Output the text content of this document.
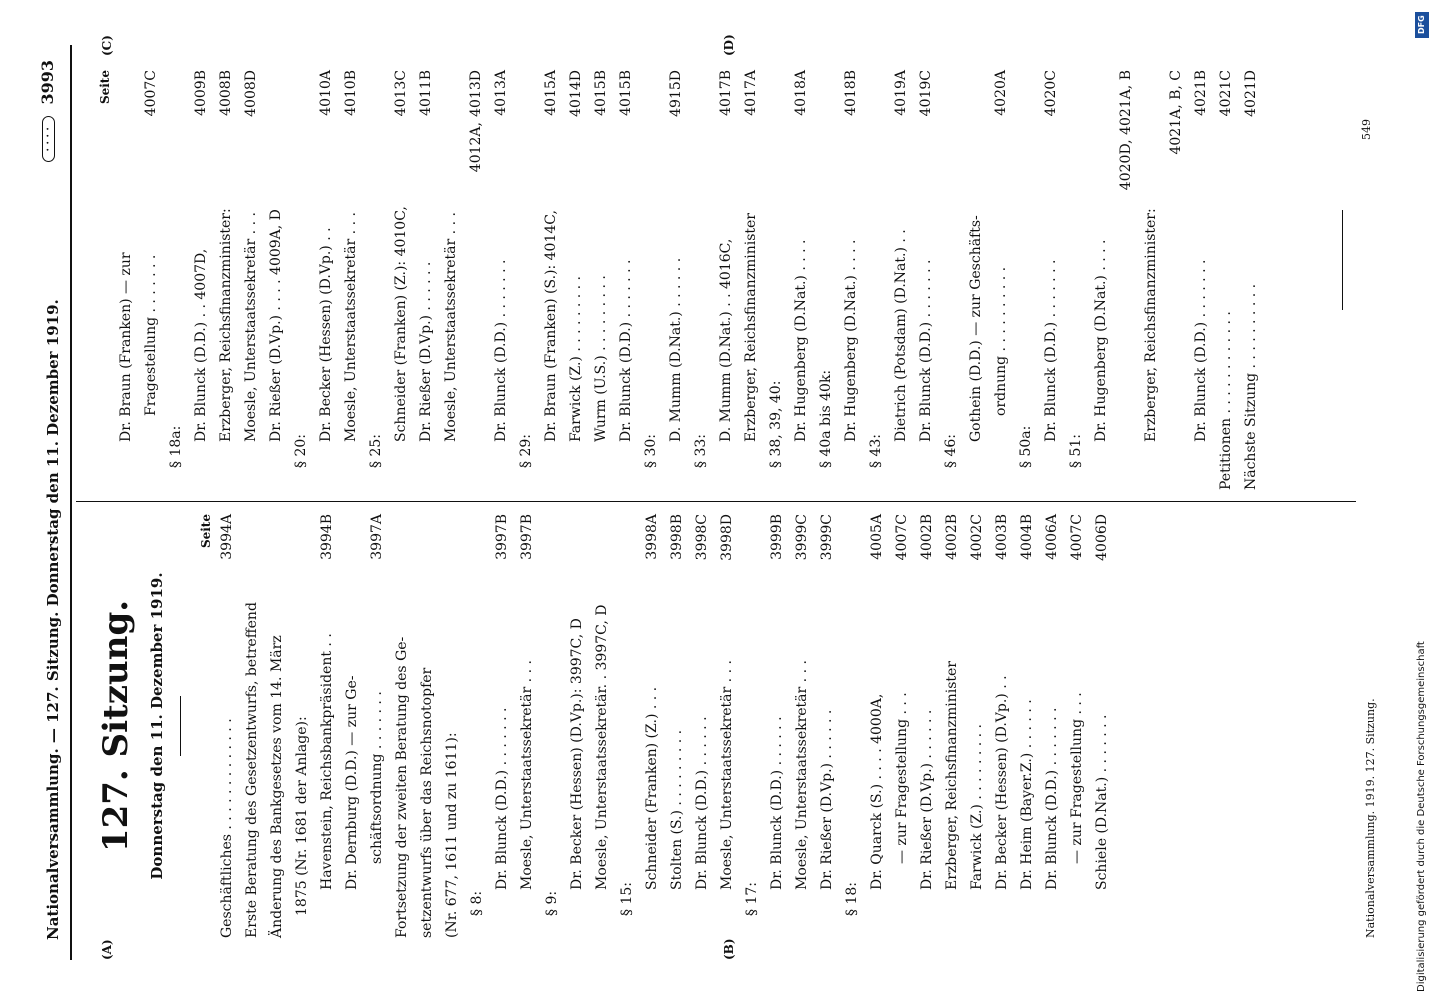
Nationalversammlung. — 127. Sitzung. Donnerstag den 11. Dezember 1919.
· · · · 3993
(A)	(B)
(C)	(D)
127. Sitzung. Donnerstag den 11. Dezember 1919.
Seite
Geschäftliches . . . . . . . . . . . . .
3994A
Erste Beratung des Gesetzentwurfs, betreffend Änderung des Bankgesetzes vom 14. März 1875 (Nr. 1681 der Anlage): Havenstein, Reichsbankpräsident . .
3994B
Dr. Dernburg (D.D.) — zur Ge- schäftsordnung . . . . . . .
3997A
Fortsetzung der zweiten Beratung des Ge- setzentwurfs über das Reichsnotopfer (Nr. 677, 1611 und zu 1611): § 8:
Dr. Blunck (D.D.) . . . . . . .
3997B
Moesle, Unterstaatssekretär . . .
3997B
§ 9:
Dr. Becker (Hessen) (D.Vp.): 3997C, D Moesle, Unterstaatssekretär. . 3997C, D
§ 15:
Schneider (Franken) (Z.) . . .
3998A
Stolten (S.) . . . . . . . . .
3998B
Dr. Blunck (D.D.) . . . . . .
3998C
Moesle, Unterstaatssekretär . . .
3998D
§ 17:
Dr. Blunck (D.D.) . . . . . .
3999B
Moesle, Unterstaatssekretär . . .
3999C
Dr. Rießer (D.Vp.) . . . . . .
3999C
§ 18:
Dr. Quarck (S.) . . . . 4000A,
4005A
— zur Fragestellung . . .
4007C
Dr. Rießer (D.Vp.) . . . . . .
4002B
Erzberger, Reichsfinanzminister
4002B
Farwick (Z.) . . . . . . . . .
4002C
Dr. Becker (Hessen) (D.Vp.) . .
4003B
Dr. Heim (Bayer.Z.) . . . . . .
4004B
Dr. Blunck (D.D.) . . . . . . .
4006A
— zur Fragestellung . . .
4007C
Schiele (D.Nat.) . . . . . . .
4006D
Seite
Dr. Braun (Franken) — zur Fragestellung . . . . . . .
4007C
§ 18a:
Dr. Blunck (D.D.) . . 4007D,
4009B
Erzberger, Reichsfinanzminister:
4008B
Moesle, Unterstaatssekretär . . .
4008D
Dr. Rießer (D.Vp.) . . . . 4009A, D
§ 20:
Dr. Becker (Hessen) (D.Vp.) . .
4010A
Moesle, Unterstaatssekretär . . .
4010B
§ 25:
Schneider (Franken) (Z.): 4010C,
4013C
Dr. Rießer (D.Vp.) . . . . . .
4011B
Moesle, Unterstaatssekretär . . .
4012A,
4013D
Dr. Blunck (D.D.) . . . . . . .
4013A
§ 29:
Dr. Braun (Franken) (S.): 4014C,
4015A
Farwick (Z.) . . . . . . . . .
4014D
Wurm (U.S.) . . . . . . . . .
4015B
Dr. Blunck (D.D.) . . . . . . .
4015B
§ 30:
D. Mumm (D.Nat.) . . . . . .
4915D
§ 33:
D. Mumm (D.Nat.) . . 4016C,
4017B
Erzberger, Reichsfinanzminister
4017A
§ 38, 39, 40: Dr. Hugenberg (D.Nat.) . . . .
4018A
§ 40a bis 40k: Dr. Hugenberg (D.Nat.) . . . .
4018B
§ 43:
Dietrich (Potsdam) (D.Nat.) . .
4019A
Dr. Blunck (D.D.) . . . . . . .
4019C
§ 46:
Gothein (D.D.) — zur Geschäfts- ordnung . . . . . . . . . .
4020A
§ 50a:
Dr. Blunck (D.D.) . . . . . . .
4020C
§ 51:
Dr. Hugenberg (D.Nat.) . . . .
4020D, 4021A, B
Erzberger, Reichsfinanzminister:
4021A, B, C
Dr. Blunck (D.D.) . . . . . . .
4021B
Petitionen . . . . . . . . . . . .
4021C
Nächste Sitzung . . . . . . . . . .
4021D
Nationalversammlung. 1919. 127. Sitzung.
549
DFG
Digitalisierung gefördert durch die Deutsche Forschungsgemeinschaft
